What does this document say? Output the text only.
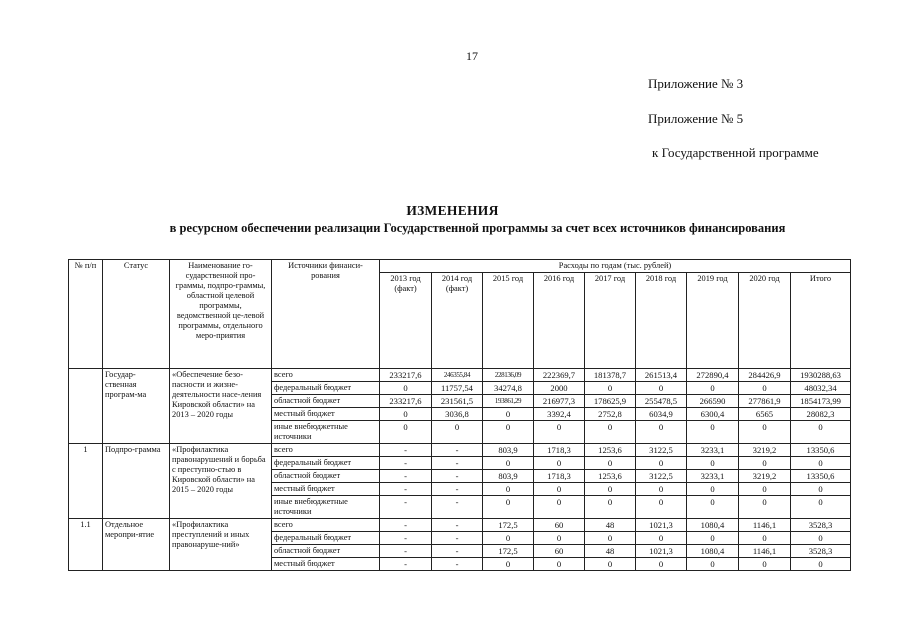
17
Приложение № 3
Приложение № 5
к Государственной программе
ИЗМЕНЕНИЯ
в ресурсном обеспечении реализации Государственной программы за счет всех источников финансирования
№ п/п	Статус	Наименование го-сударственной про-граммы, подпро-граммы, областной целевой программы, ведомственной це-левой программы, отдельного меро-приятия	Источники финанси-рования	Расходы по годам (тыс. рублей)								
				2013 год (факт)	2014 год (факт)	2015 год	2016 год	2017 год	2018 год	2019 год	2020 год	Итого
	Государ-ственная програм-ма	«Обеспечение безо-пасности и жизне-деятельности насе-ления Кировской области» на 2013 – 2020 годы	всего	233217,6	246355,84	228136,09	222369,7	181378,7	261513,4	272890,4	284426,9	1930288,63
			федеральный бюджет	0	11757,54	34274,8	2000	0	0	0	0	48032,34
			областной бюджет	233217,6	231561,5	193861,29	216977,3	178625,9	255478,5	266590	277861,9	1854173,99
			местный бюджет	0	3036,8	0	3392,4	2752,8	6034,9	6300,4	6565	28082,3
			иные внебюджетные источники	0	0	0	0	0	0	0	0	0
1	Подпро-грамма	«Профилактика правонарушений и борьба с преступно-стью в Кировской области» на 2015 – 2020 годы	всего	-	-	803,9	1718,3	1253,6	3122,5	3233,1	3219,2	13350,6
			федеральный бюджет	-	-	0	0	0	0	0	0	0
			областной бюджет	-	-	803,9	1718,3	1253,6	3122,5	3233,1	3219,2	13350,6
			местный бюджет	-	-	0	0	0	0	0	0	0
			иные внебюджетные источники	-	-	0	0	0	0	0	0	0
1.1	Отдельное меропри-ятие	«Профилактика преступлений и иных правонаруше-ний»	всего	-	-	172,5	60	48	1021,3	1080,4	1146,1	3528,3
			федеральный бюджет	-	-	0	0	0	0	0	0	0
			областной бюджет	-	-	172,5	60	48	1021,3	1080,4	1146,1	3528,3
			местный бюджет	-	-	0	0	0	0	0	0	0
